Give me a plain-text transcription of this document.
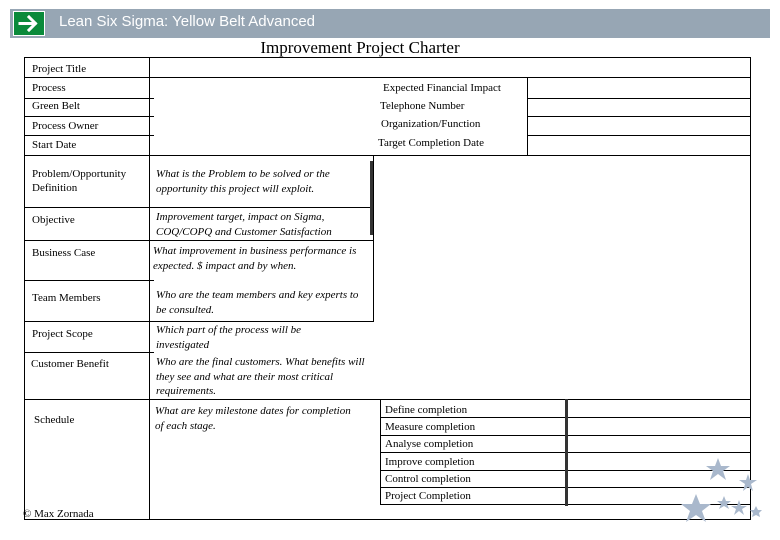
Lean Six Sigma: Yellow Belt Advanced
Improvement Project Charter
Project Title
Process
Green Belt
Process Owner
Start Date
Expected Financial Impact
Telephone Number
Organization/Function
Target Completion Date
Problem/Opportunity Definition
Objective
Business Case
Team Members
Project Scope
Customer Benefit
Schedule
What is the Problem to be solved or the opportunity this project will exploit.
Improvement target, impact on Sigma, COQ/COPQ and Customer Satisfaction
What improvement in business performance is expected. $ impact and by when.
Who are the team members and key experts to be consulted.
Which part of the process will be investigated
Who are the final customers. What benefits will they see and what are their most critical requirements.
What are key milestone dates for completion of each stage.
Define completion
Measure completion
Analyse completion
Improve completion
Control completion
Project Completion
© Max Zornada
